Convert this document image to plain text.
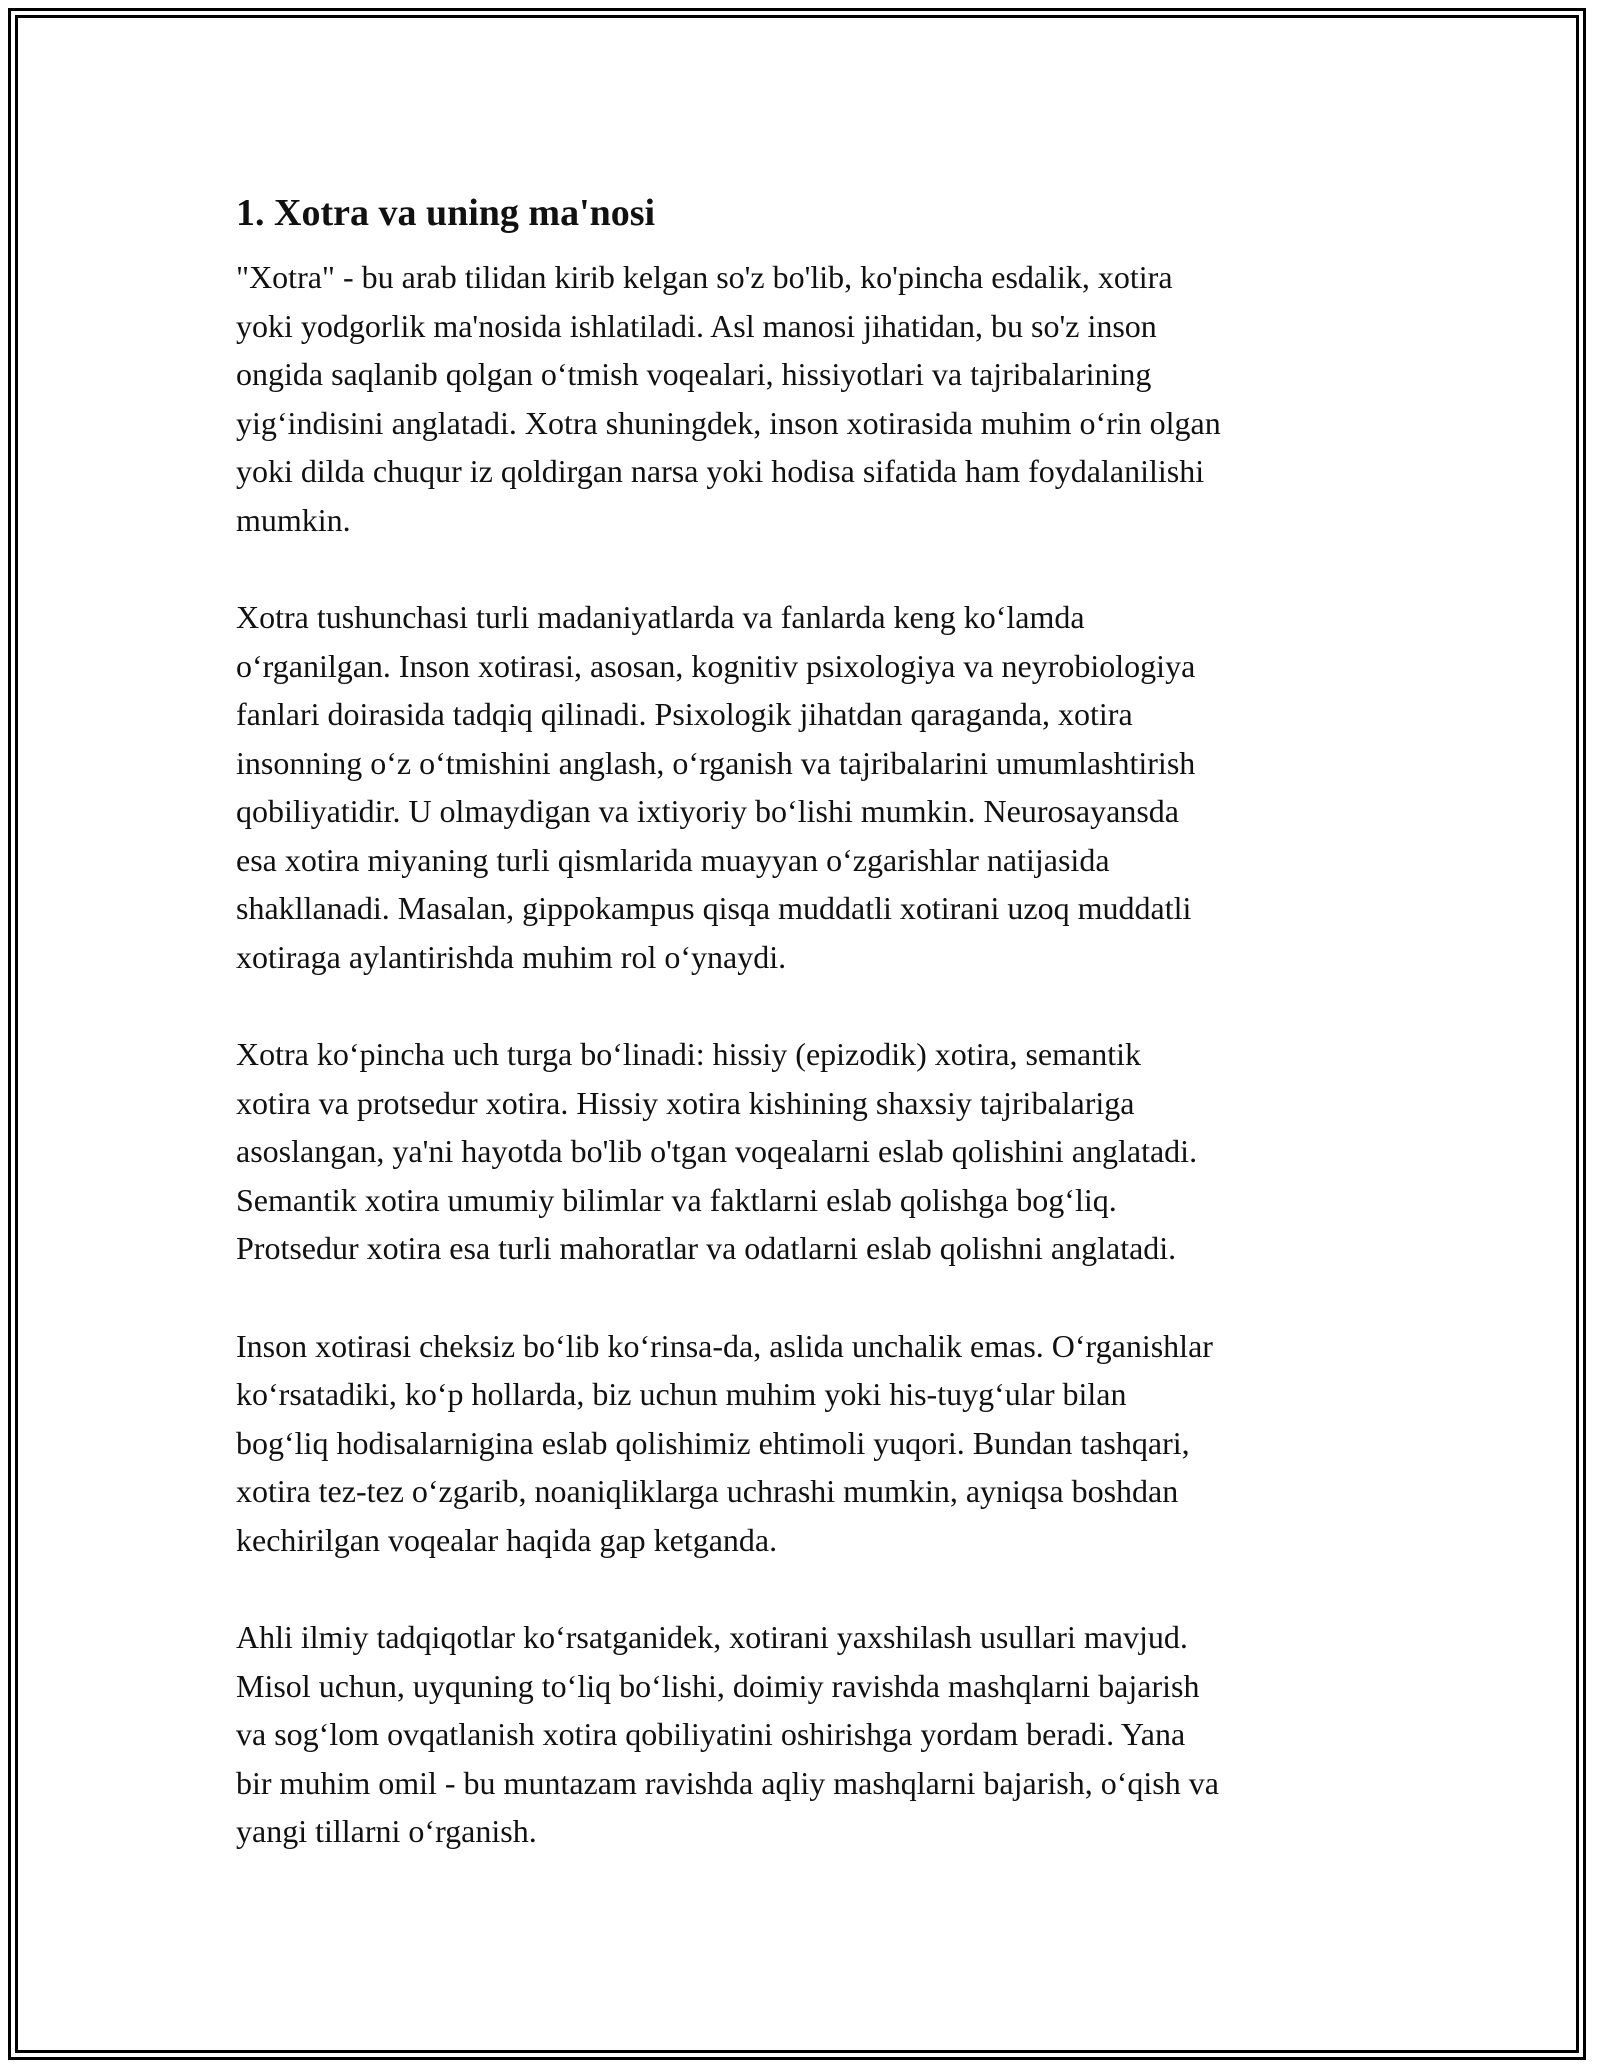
1. Xotra va uning ma'nosi

"Xotra" - bu arab tilidan kirib kelgan so'z bo'lib, ko'pincha esdalik, xotira
yoki yodgorlik ma'nosida ishlatiladi. Asl manosi jihatidan, bu so'z inson
ongida saqlanib qolgan o‘tmish voqealari, hissiyotlari va tajribalarining
yig‘indisini anglatadi. Xotra shuningdek, inson xotirasida muhim o‘rin olgan
yoki dilda chuqur iz qoldirgan narsa yoki hodisa sifatida ham foydalanilishi
mumkin.

Xotra tushunchasi turli madaniyatlarda va fanlarda keng ko‘lamda
o‘rganilgan. Inson xotirasi, asosan, kognitiv psixologiya va neyrobiologiya
fanlari doirasida tadqiq qilinadi. Psixologik jihatdan qaraganda, xotira
insonning o‘z o‘tmishini anglash, o‘rganish va tajribalarini umumlashtirish
qobiliyatidir. U olmaydigan va ixtiyoriy bo‘lishi mumkin. Neurosayansda
esa xotira miyaning turli qismlarida muayyan o‘zgarishlar natijasida
shakllanadi. Masalan, gippokampus qisqa muddatli xotirani uzoq muddatli
xotiraga aylantirishda muhim rol o‘ynaydi.

Xotra ko‘pincha uch turga bo‘linadi: hissiy (epizodik) xotira, semantik
xotira va protsedur xotira. Hissiy xotira kishining shaxsiy tajribalariga
asoslangan, ya'ni hayotda bo'lib o'tgan voqealarni eslab qolishini anglatadi.
Semantik xotira umumiy bilimlar va faktlarni eslab qolishga bog‘liq.
Protsedur xotira esa turli mahoratlar va odatlarni eslab qolishni anglatadi.

Inson xotirasi cheksiz bo‘lib ko‘rinsa-da, aslida unchalik emas. O‘rganishlar
ko‘rsatadiki, ko‘p hollarda, biz uchun muhim yoki his-tuyg‘ular bilan
bog‘liq hodisalarnigina eslab qolishimiz ehtimoli yuqori. Bundan tashqari,
xotira tez-tez o‘zgarib, noaniqliklarga uchrashi mumkin, ayniqsa boshdan
kechirilgan voqealar haqida gap ketganda.

Ahli ilmiy tadqiqotlar ko‘rsatganidek, xotirani yaxshilash usullari mavjud.
Misol uchun, uyquning to‘liq bo‘lishi, doimiy ravishda mashqlarni bajarish
va sog‘lom ovqatlanish xotira qobiliyatini oshirishga yordam beradi. Yana
bir muhim omil - bu muntazam ravishda aqliy mashqlarni bajarish, o‘qish va
yangi tillarni o‘rganish.
